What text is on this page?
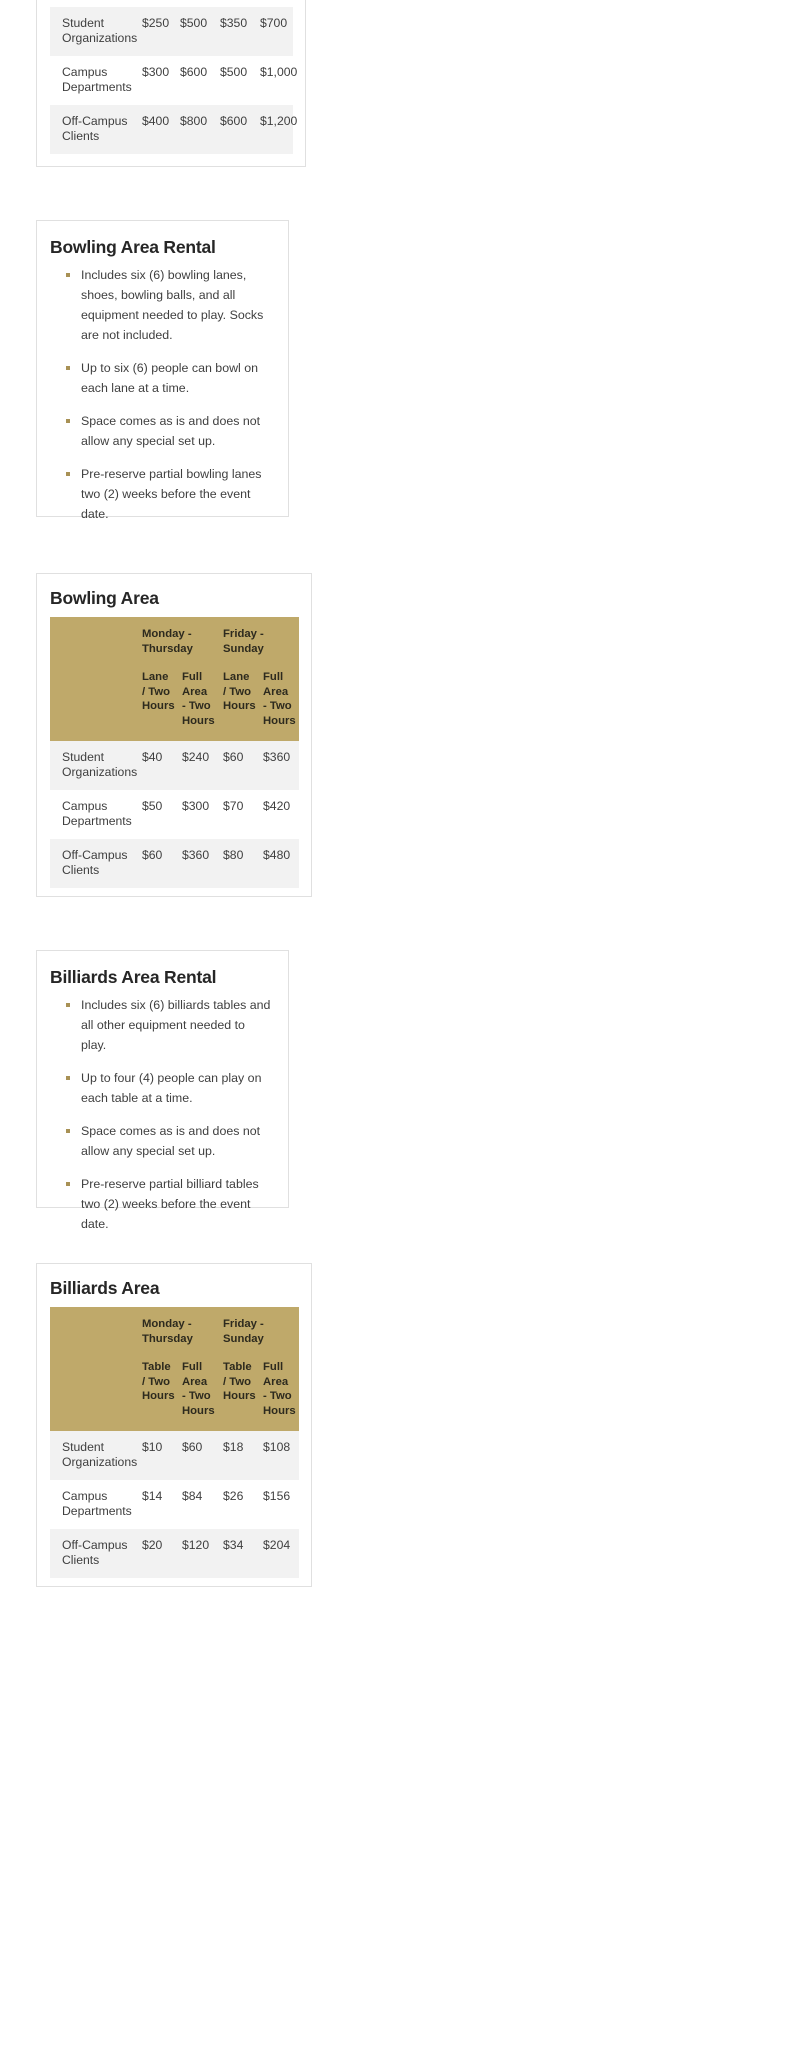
Student Organizations	$250	$500	$350	$700
Campus Departments	$300	$600	$500	$1,000
Off-Campus Clients	$400	$800	$600	$1,200
Bowling Area Rental
Includes six (6) bowling lanes, shoes, bowling balls, and all equipment needed to play. Socks are not included.
Up to six (6) people can bowl on each lane at a time.
Space comes as is and does not allow any special set up.
Pre-reserve partial bowling lanes two (2) weeks before the event date.
Bowling Area

	Monday - Thursday		Friday - Sunday	

	Lane / Two Hours	Full Area - Two Hours	Lane / Two Hours	Full Area - Two Hours

Student Organizations	$40	$240	$60	$360
Campus Departments	$50	$300	$70	$420
Off-Campus Clients	$60	$360	$80	$480
Billiards Area Rental
Includes six (6) billiards tables and all other equipment needed to play.
Up to four (4) people can play on each table at a time.
Space comes as is and does not allow any special set up.
Pre-reserve partial billiard tables two (2) weeks before the event date.
Billiards Area

	Monday - Thursday		Friday - Sunday	

	Table / Two Hours	Full Area - Two Hours	Table / Two Hours	Full Area - Two Hours

Student Organizations	$10	$60	$18	$108
Campus Departments	$14	$84	$26	$156
Off-Campus Clients	$20	$120	$34	$204
